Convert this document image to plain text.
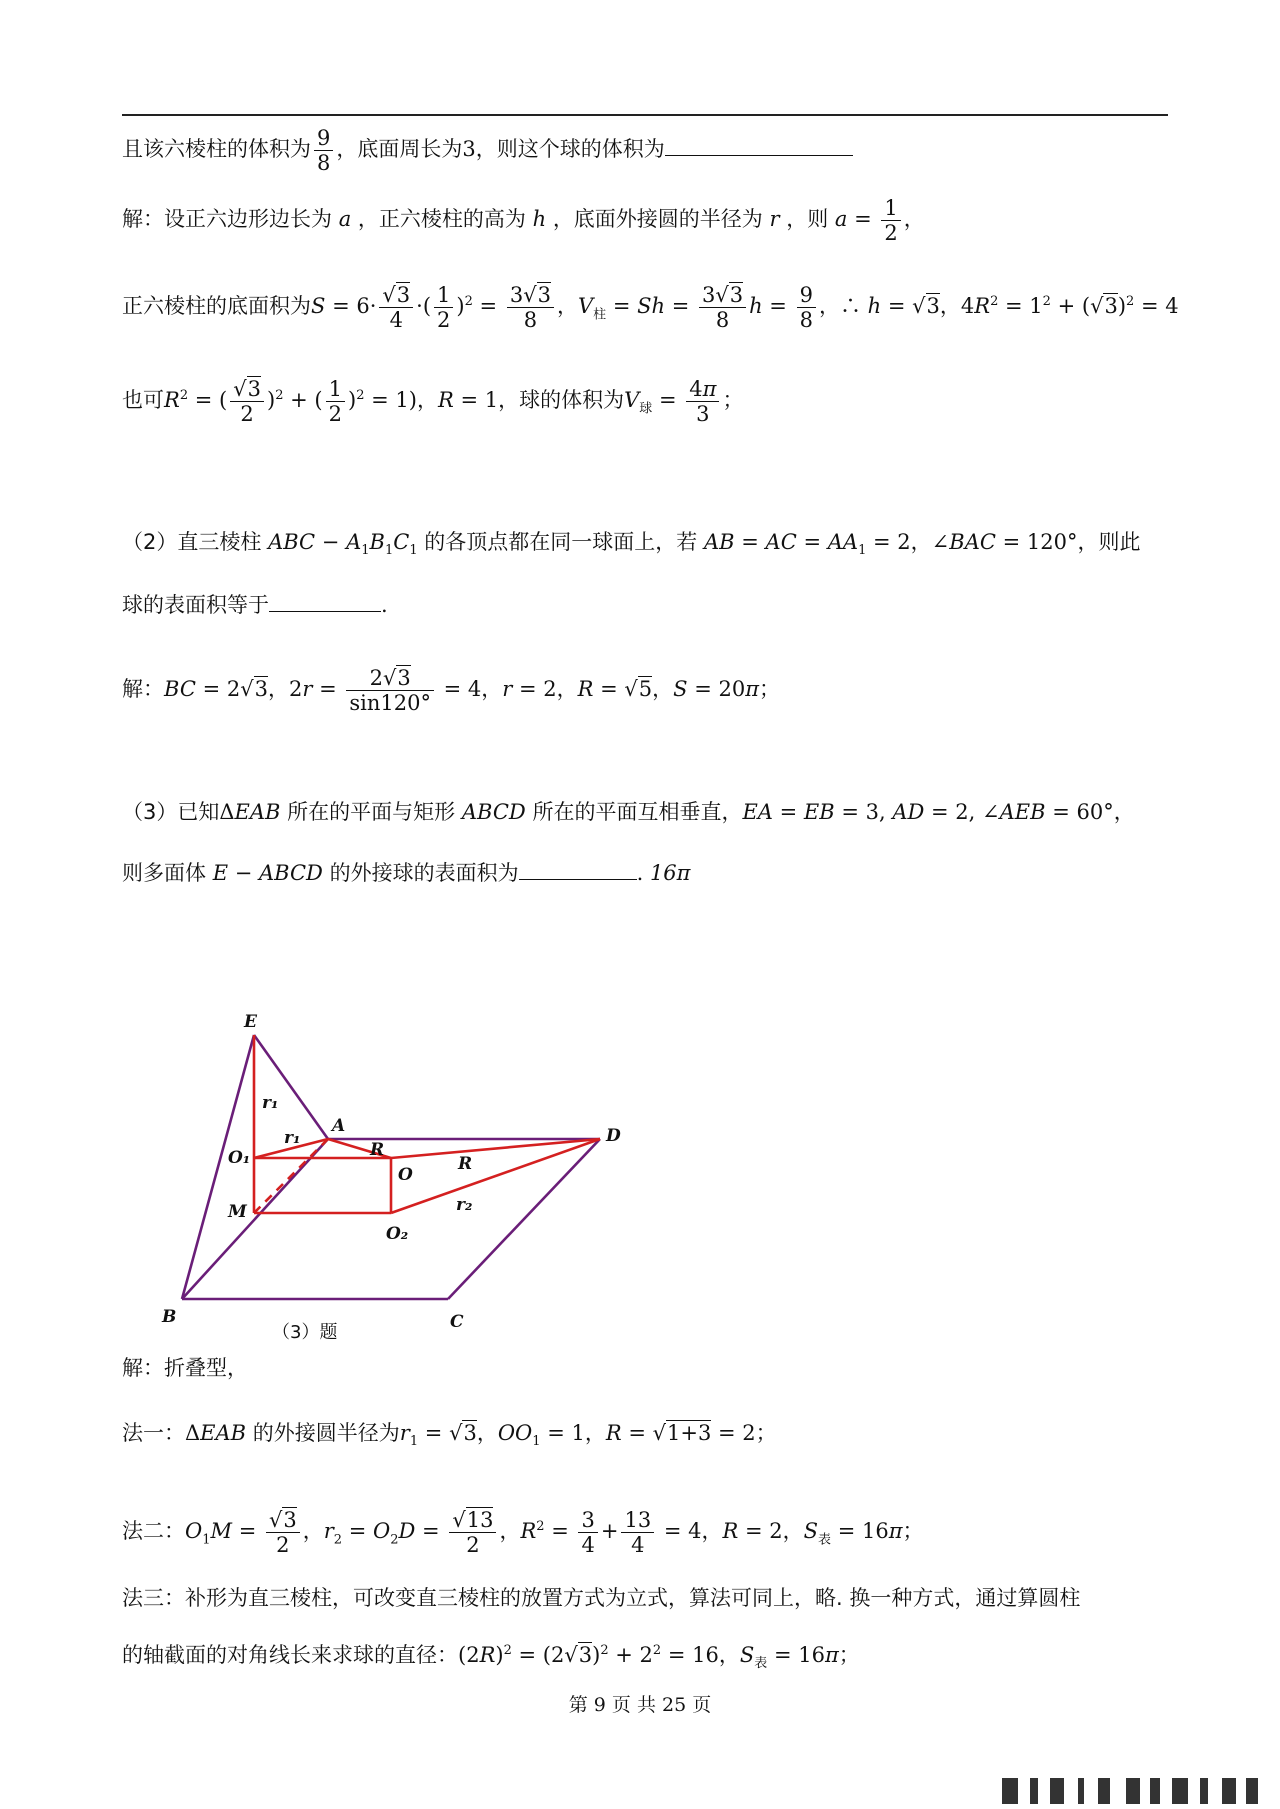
且该六棱柱的体积为 $\frac{9}{8}$ ，底面周长为3，则这个球的体积为
解：设正六边形边长为 a ，正六棱柱的高为 h ，底面外接圆的半径为 r ，则 $a = \frac{1}{2}$ ，
正六棱柱的底面积为$S = 6\cdot \frac{√3}{4}$ ·( $\frac{1}{2} )^2 = \frac{3√3}{8}$ ，$V_柱 = Sh = \frac{3√3}{8}$ $h = \frac{9}{8}$ ，∴ h = √3，$4R^2 = 1^2 + (√3)^2 = 4$
也可$R^2$ = ( $\frac{√3}{2} )^2$ + ( $\frac{1}{2} )^2 = 1$)，R = 1，球的体积为$V_球 = \frac{4\pi}{3}$ ；
（2）直三棱柱 ABC − $A_1B_1C_1$ 的各顶点都在同一球面上，若 AB = AC = $AA_1 = 2$，∠BAC = 120°，则此
球的表面积等于	.
解：BC = 2√3，$2r = \frac{2√3}{\sin 120^\circ} = 4$，r = 2，R = √5，S = 20π；
（3）已知ΔEAB 所在的平面与矩形 ABCD 所在的平面互相垂直，EA = EB = 3, AD = 2, ∠AEB = 60°，
则多面体 E − ABCD 的外接球的表面积为	. 16π
E
A	D
O₁
O
M
O₂
B	C
r₁
r₁
R
R
r₂
（3）题
解：折叠型，
法一：ΔEAB 的外接圆半径为$r_1 = √3$，$OO_1 = 1$，R = √1+3 = 2；
法二：$O_1M = \frac{√3}{2}$ ，$r_2 = O_2D = \frac{√13}{2}$ ，$R^2 = \frac{3}{4} + \frac{13}{4} = 4$，R = 2，$S_表 = 16\pi$；
法三：补形为直三棱柱，可改变直三棱柱的放置方式为立式，算法可同上，略. 换一种方式，通过算圆柱
的轴截面的对角线长来求球的直径：$(2R)^2 = (2√3)^2 + 2^2 = 16$，$S_表 = 16\pi$；
第 9 页 共 25 页
